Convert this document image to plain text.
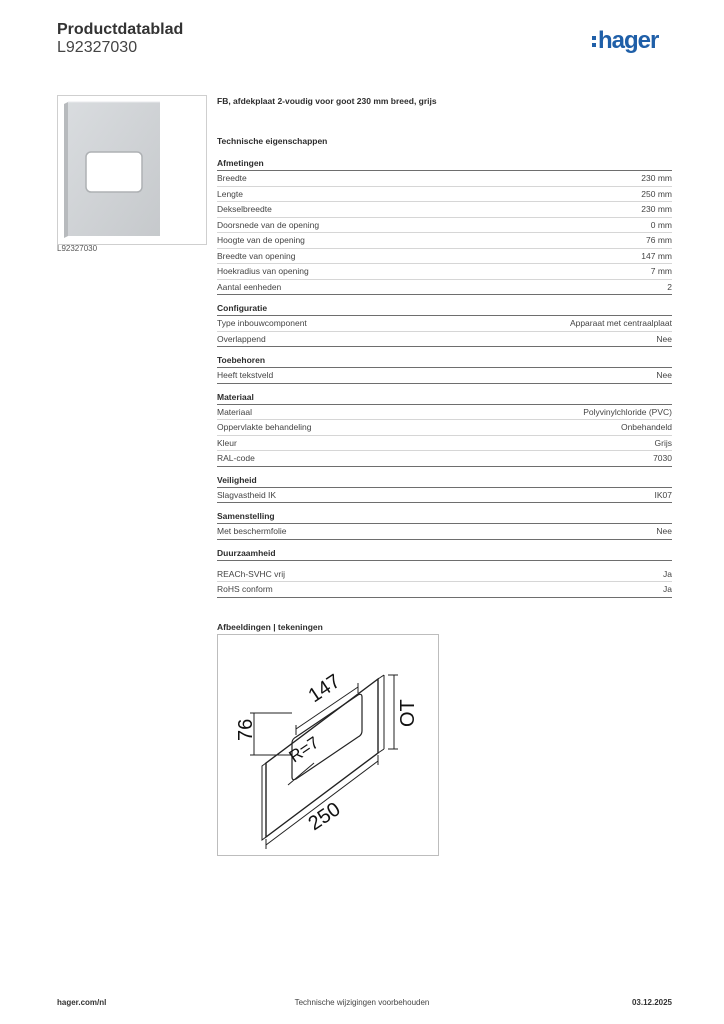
Productdatablad
L92327030	hager
L92327030
FB, afdekplaat 2-voudig voor goot 230 mm breed, grijs
Technische eigenschappen
Afmetingen
Breedte	230 mm
Lengte	250 mm
Dekselbreedte	230 mm
Doorsnede van de opening	0 mm
Hoogte van de opening	76 mm
Breedte van opening	147 mm
Hoekradius van opening	7 mm
Aantal eenheden	2
Configuratie
Type inbouwcomponent	Apparaat met centraalplaat
Overlappend	Nee
Toebehoren
Heeft tekstveld	Nee
Materiaal
Materiaal	Polyvinylchloride (PVC)
Oppervlakte behandeling	Onbehandeld
Kleur	Grijs
RAL-code	7030
Veiligheid
Slagvastheid IK	IK07
Samenstelling
Met beschermfolie	Nee
Duurzaamheid
REACh-SVHC vrij	Ja
RoHS conform	Ja
Afbeeldingen | tekeningen
147
76
R=7
250
OT
hager.com/nl	Technische wijzigingen voorbehouden	03.12.2025
